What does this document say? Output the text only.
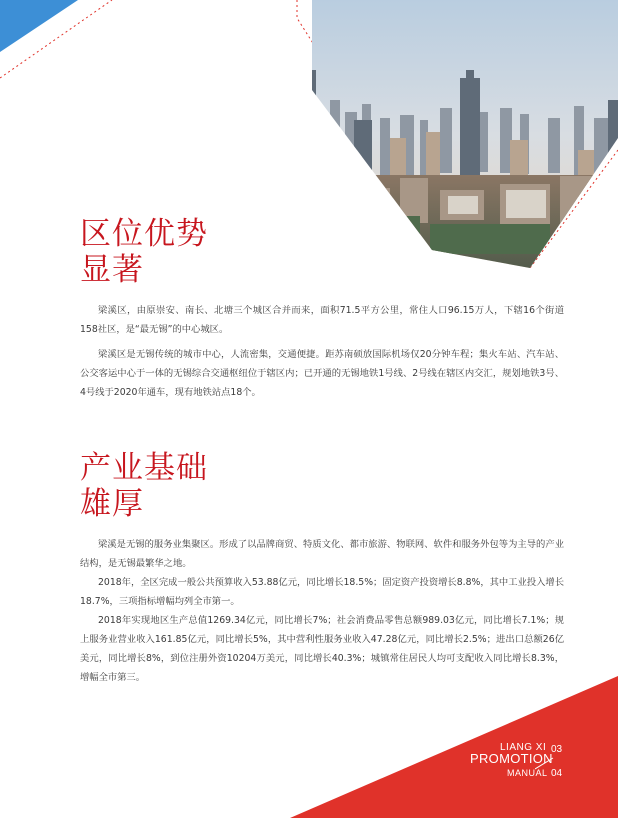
区位优势
显著

梁溪区，由原崇安、南长、北塘三个城区合并而来，面积71.5平方公里，常住人口96.15万人，下辖16个街道158社区，是“最无锡”的中心城区。

梁溪区是无锡传统的城市中心，人流密集，交通便捷。距苏南硕放国际机场仅20分钟车程；集火车站、汽车站、公交客运中心于一体的无锡综合交通枢纽位于辖区内；已开通的无锡地铁1号线、2号线在辖区内交汇，规划地铁3号、4号线于2020年通车，现有地铁站点18个。

产业基础
雄厚

梁溪是无锡的服务业集聚区。形成了以品牌商贸、特质文化、都市旅游、物联网、软件和服务外包等为主导的产业结构，是无锡最繁华之地。

2018年，全区完成一般公共预算收入53.88亿元，同比增长18.5%；固定资产投资增长8.8%，其中工业投入增长18.7%，三项指标增幅均列全市第一。

2018年实现地区生产总值1269.34亿元，同比增长7%；社会消费品零售总额989.03亿元，同比增长7.1%；规上服务业营业收入161.85亿元，同比增长5%，其中营利性服务业收入47.28亿元，同比增长2.5%；进出口总额26亿美元，同比增长8%，到位注册外资10204万美元，同比增长40.3%；城镇常住居民人均可支配收入同比增长8.3%，增幅全市第三。

LIANG XI 03
PROMOTION
MANUAL 04
